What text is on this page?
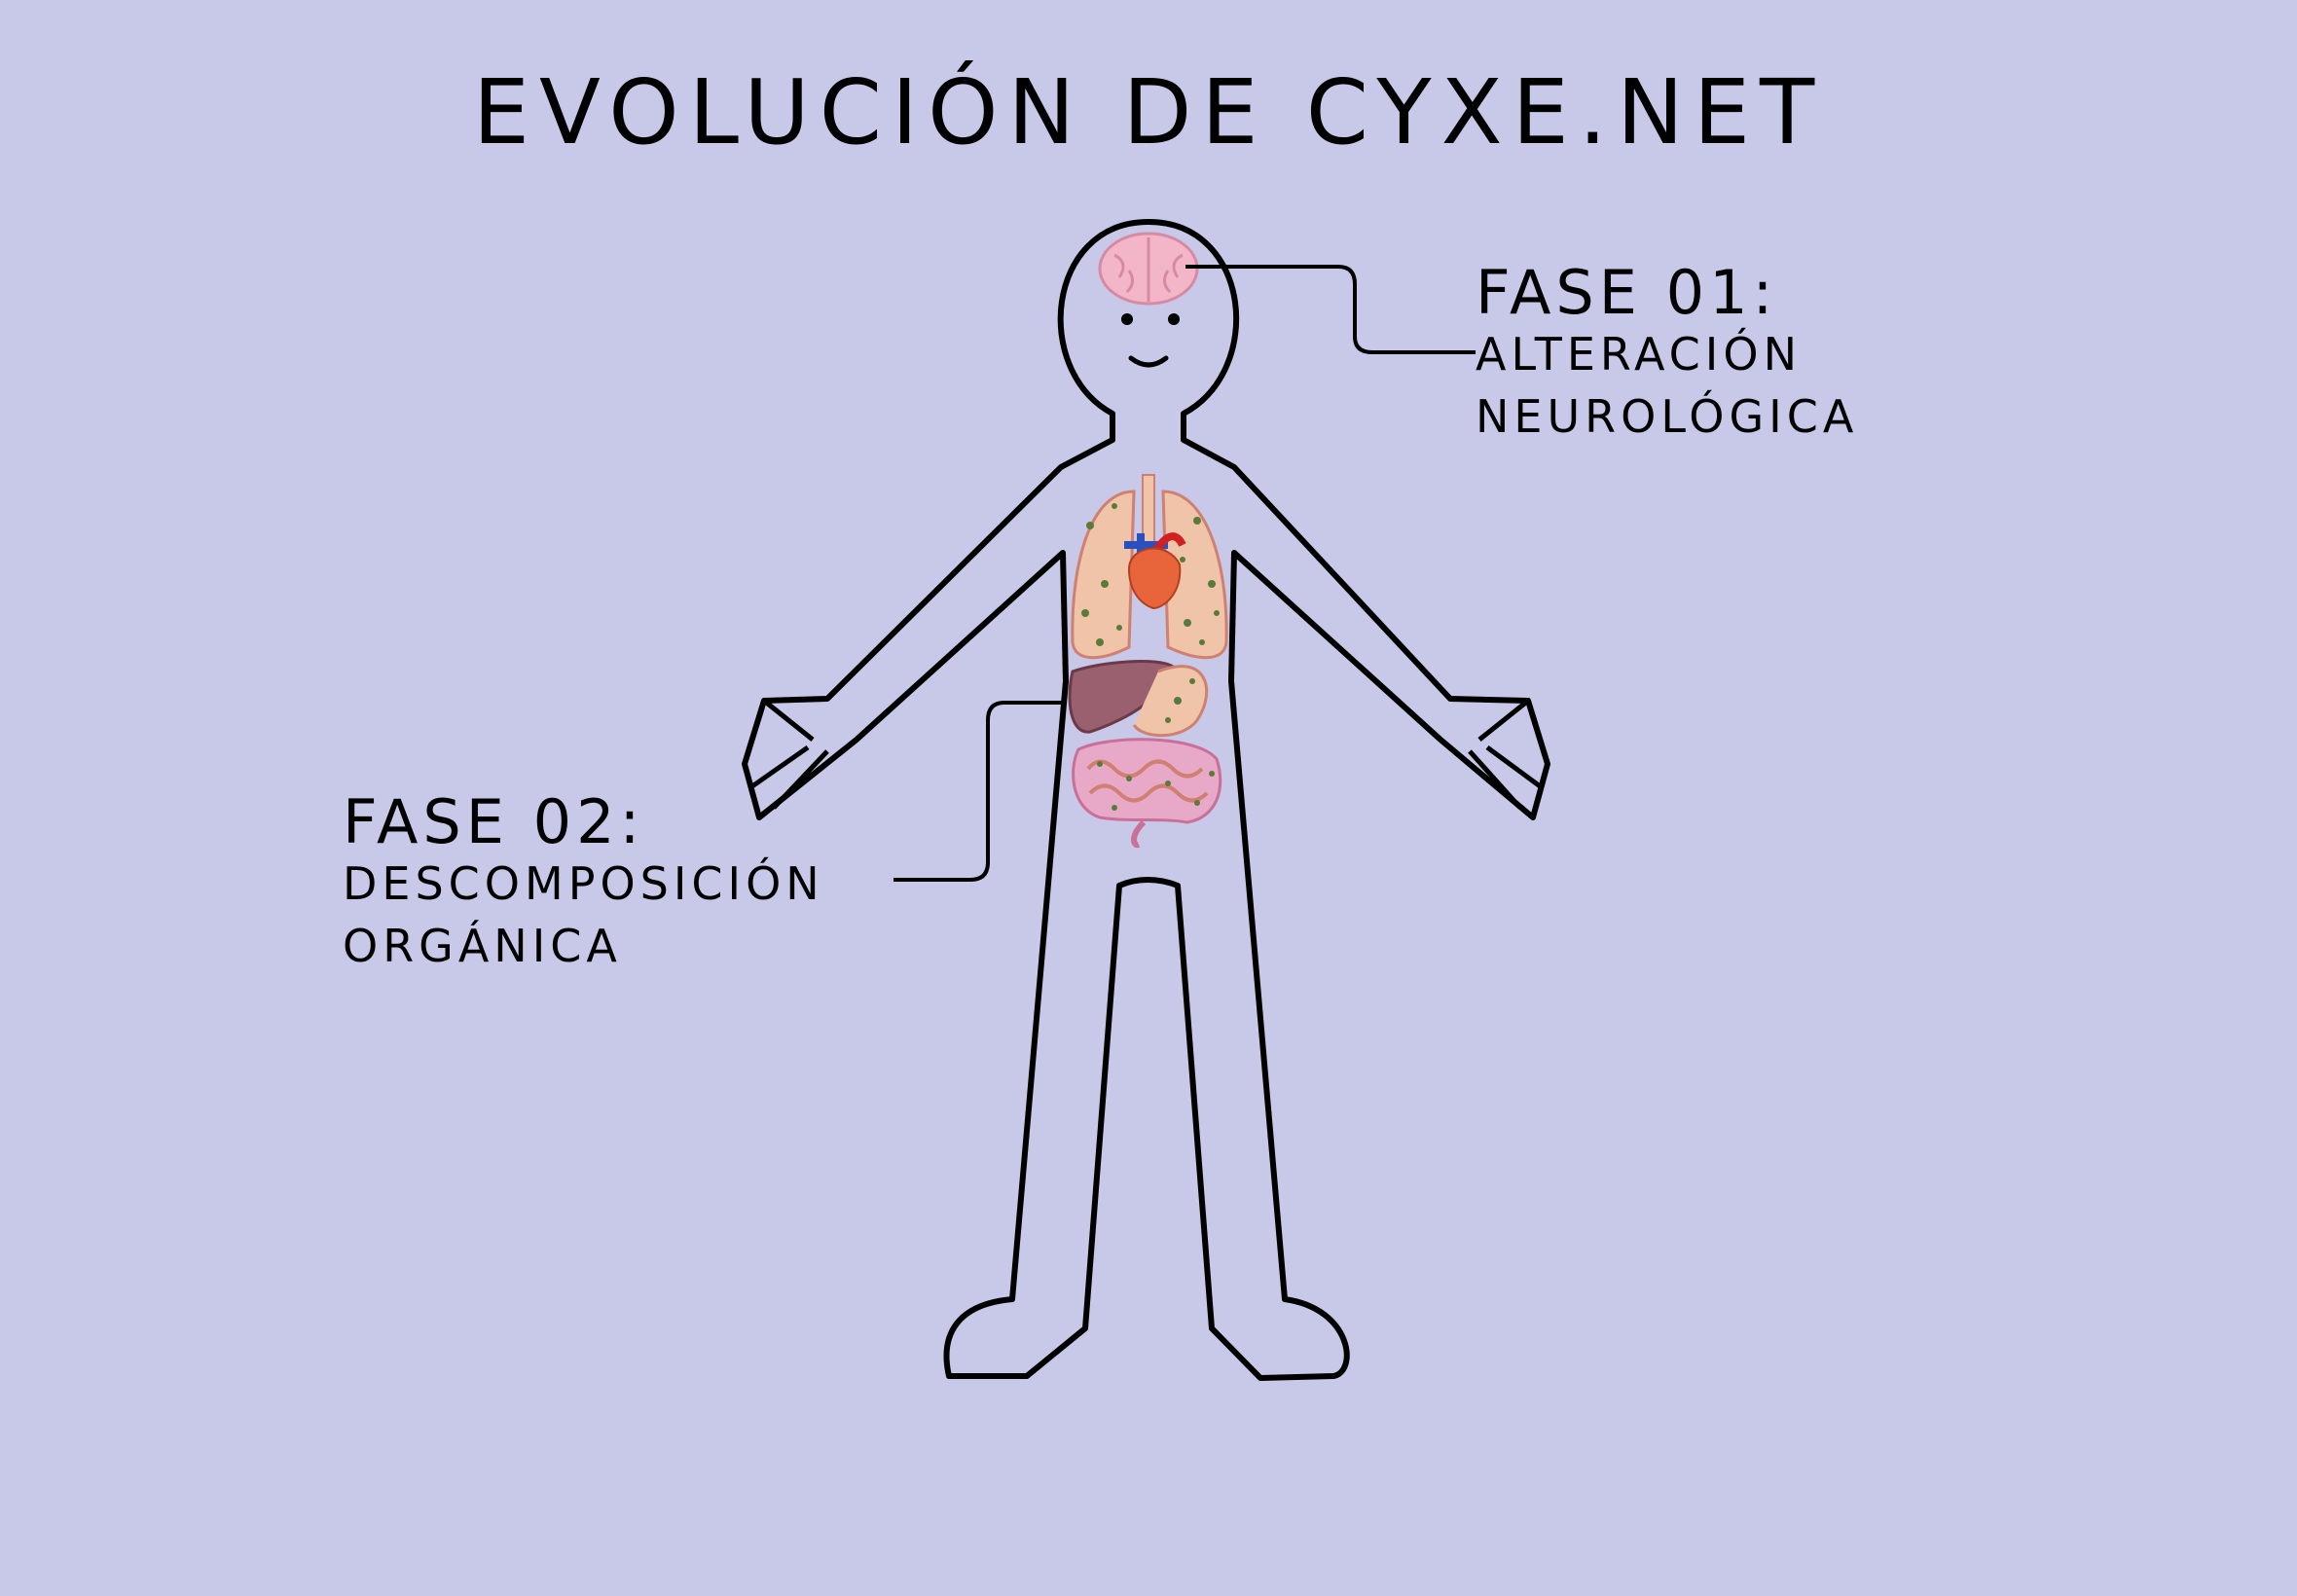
EVOLUCIÓN DE CYXE.NET
FASE 01:
ALTERACIÓN
NEUROLÓGICA
FASE 02:
DESCOMPOSICIÓN
ORGÁNICA
